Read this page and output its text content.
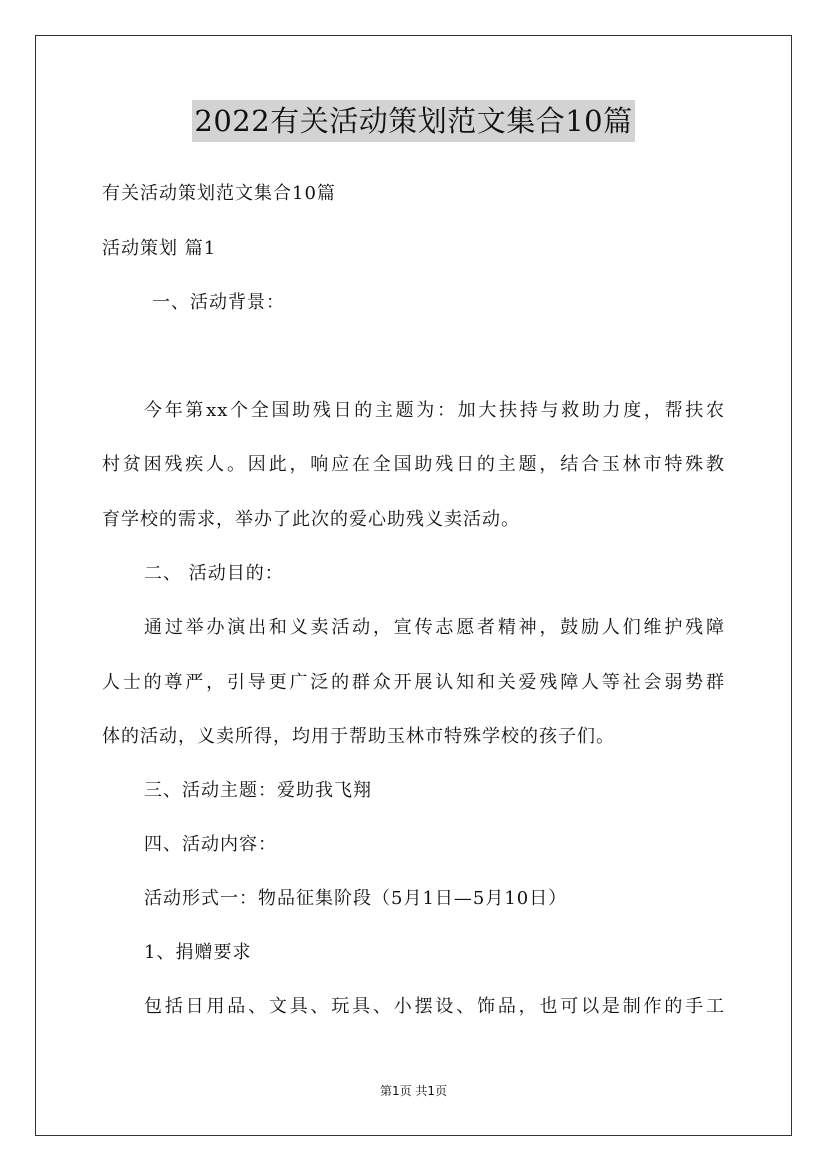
2022有关活动策划范文集合10篇
有关活动策划范文集合10篇
活动策划 篇1
一、活动背景：
今年第xx个全国助残日的主题为：加大扶持与救助力度，帮扶农
村贫困残疾人。因此，响应在全国助残日的主题，结合玉林市特殊教
育学校的需求，举办了此次的爱心助残义卖活动。
二、 活动目的：
通过举办演出和义卖活动，宣传志愿者精神，鼓励人们维护残障
人士的尊严，引导更广泛的群众开展认知和关爱残障人等社会弱势群
体的活动，义卖所得，均用于帮助玉林市特殊学校的孩子们。
三、活动主题：爱助我飞翔
四、活动内容：
活动形式一：物品征集阶段（5月1日—5月10日）
1、捐赠要求
包括日用品、文具、玩具、小摆设、饰品，也可以是制作的手工
第1页 共1页
